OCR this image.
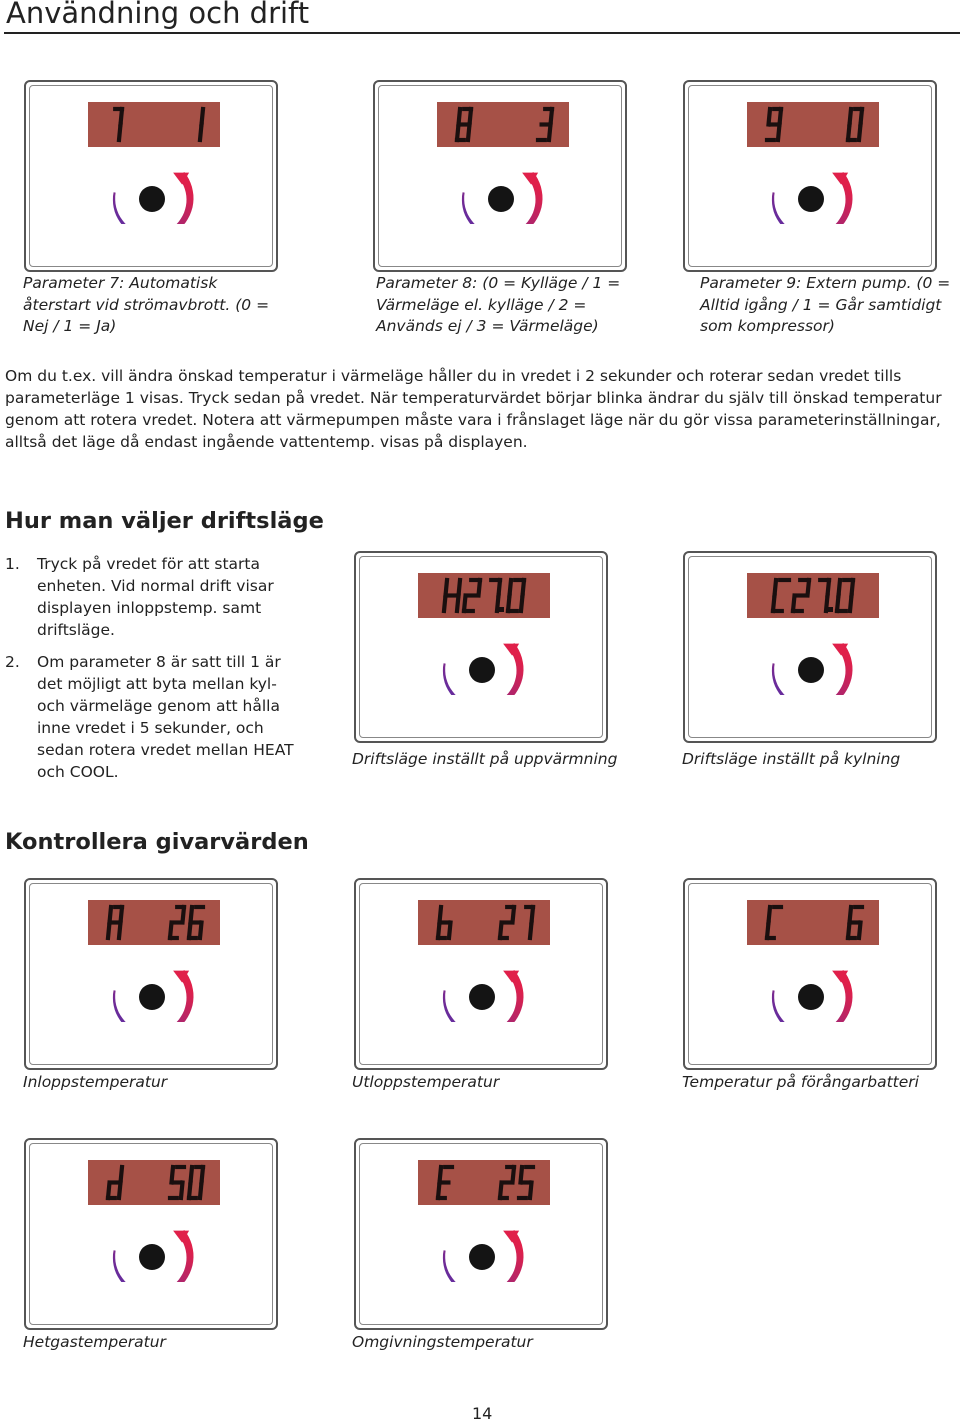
Användning och drift
Parameter 7: Automatisk återstart vid strömavbrott. (0 = Nej / 1 = Ja)
Parameter 8: (0 = Kylläge / 1 = Värmeläge el. kylläge / 2 = Används ej / 3 = Värmeläge)
Parameter 9: Extern pump. (0 = Alltid igång / 1 = Går samtidigt som kompressor)
Om du t.ex. vill ändra önskad temperatur i värmeläge håller du in vredet i 2 sekunder och roterar sedan vredet tills parameterläge 1 visas. Tryck sedan på vredet. När temperaturvärdet börjar blinka ändrar du själv till önskad temperatur genom att rotera vredet. Notera att värmepumpen måste vara i frånslaget läge när du gör vissa parameterinställningar, alltså det läge då endast ingående vattentemp. visas på displayen.
Hur man väljer driftsläge
1. Tryck på vredet för att starta enheten. Vid normal drift visar displayen inloppstemp. samt driftsläge.
2. Om parameter 8 är satt till 1 är det möjligt att byta mellan kyl- och värmeläge genom att hålla inne vredet i 5 sekunder, och sedan rotera vredet mellan HEAT och COOL.
Driftsläge inställt på uppvärmning	Driftsläge inställt på kylning
Kontrollera givarvärden
Inloppstemperatur	Utloppstemperatur	Temperatur på förångarbatteri
Hetgastemperatur	Omgivningstemperatur
14
